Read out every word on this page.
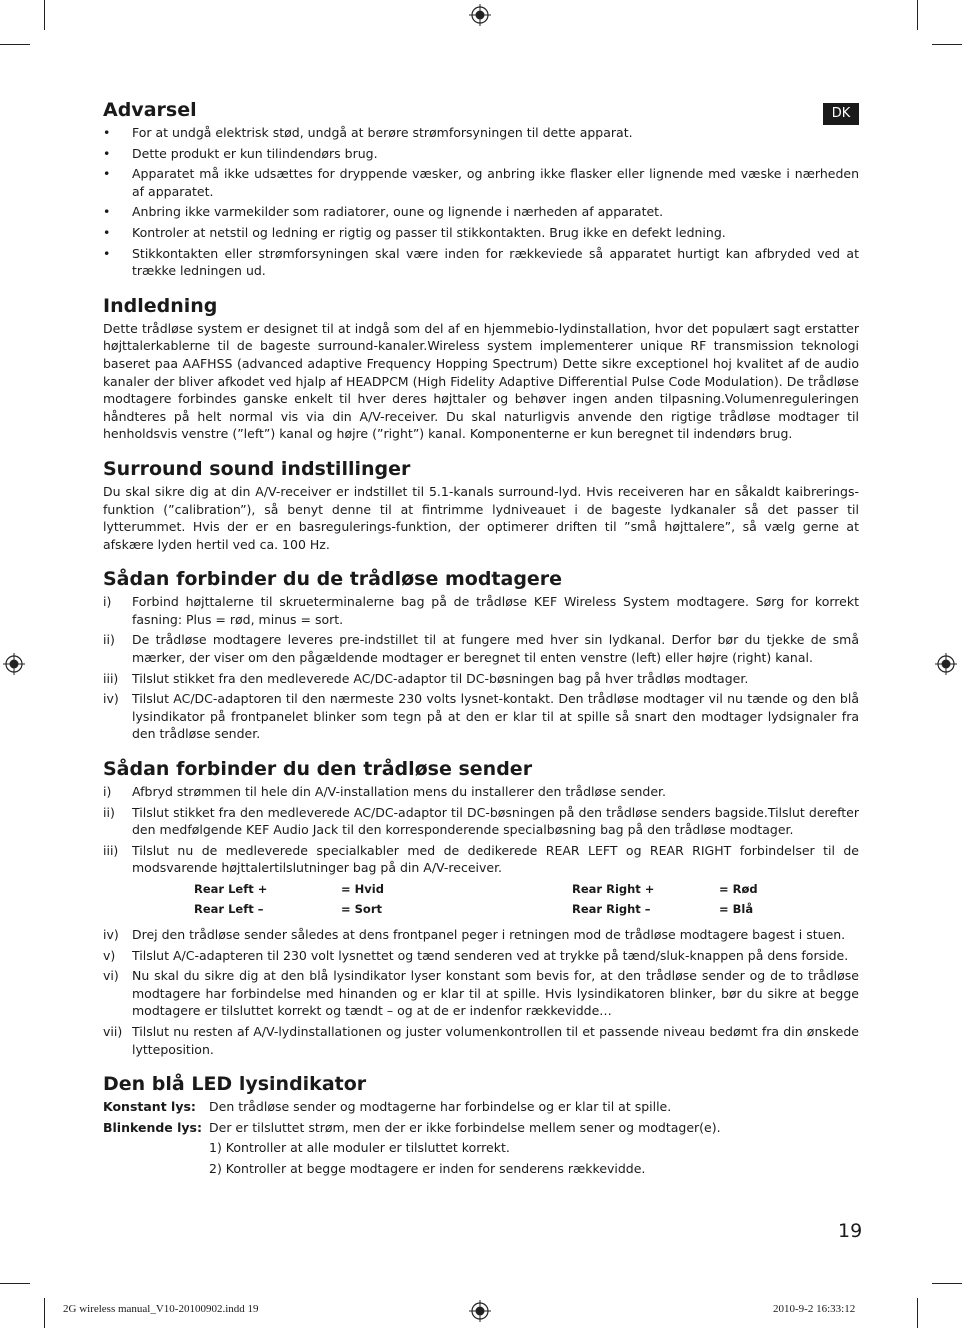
DK
Advarsel
• For at undgå elektrisk stød, undgå at berøre strømforsyningen til dette apparat.
• Dette produkt er kun tilindendørs brug.
• Apparatet må ikke udsættes for dryppende væsker, og anbring ikke flasker eller lignende med væske i nærheden af apparatet.
• Anbring ikke varmekilder som radiatorer, oune og lignende i nærheden af apparatet.
• Kontroler at netstil og ledning er rigtig og passer til stikkontakten. Brug ikke en defekt ledning.
• Stikkontakten eller strømforsyningen skal være inden for rækkeviede så apparatet hurtigt kan afbryded ved at trække ledningen ud.
Indledning

Dette trådløse system er designet til at indgå som del af en hjemmebio-lydinstallation, hvor det populært sagt erstatter højttalerkablerne til de bageste surround-kanaler.Wireless system implementerer unique RF transmission teknologi baseret paa AAFHSS (advanced adaptive Frequency Hopping Spectrum) Dette sikre exceptionel hoj kvalitet af de audio kanaler der bliver afkodet ved hjalp af HEADPCM (High Fidelity Adaptive Differential Pulse Code Modulation). De trådløse modtagere forbindes ganske enkelt til hver deres højttaler og behøver ingen anden tilpasning.Volumenreguleringen håndteres på helt normal vis via din A/V-receiver. Du skal naturligvis anvende den rigtige trådløse modtager til henholdsvis venstre (”left”) kanal og højre (”right”) kanal. Komponenterne er kun beregnet til indendørs brug.

Surround sound indstillinger

Du skal sikre dig at din A/V-receiver er indstillet til 5.1-kanals surround-lyd. Hvis receiveren har en såkaldt kaibrerings-funktion (”calibration”), så benyt denne til at fintrimme lydniveauet i de bageste lydkanaler så det passer til lytterummet. Hvis der er en basregulerings-funktion, der optimerer driften til ”små højttalere”, så vælg gerne at afskære lyden hertil ved ca. 100 Hz.

Sådan forbinder du de trådløse modtagere
i) Forbind højttalerne til skrueterminalerne bag på de trådløse KEF Wireless System modtagere. Sørg for korrekt fasning: Plus = rød, minus = sort.
ii) De trådløse modtagere leveres pre-indstillet til at fungere med hver sin lydkanal. Derfor bør du tjekke de små mærker, der viser om den pågældende modtager er beregnet til enten venstre (left) eller højre (right) kanal.
iii) Tilslut stikket fra den medleverede AC/DC-adaptor til DC-bøsningen bag på hver trådløs modtager.
iv) Tilslut AC/DC-adaptoren til den nærmeste 230 volts lysnet-kontakt. Den trådløse modtager vil nu tænde og den blå lysindikator på frontpanelet blinker som tegn på at den er klar til at spille så snart den modtager lydsignaler fra den trådløse sender.
Sådan forbinder du den trådløse sender
i) Afbryd strømmen til hele din A/V-installation mens du installerer den trådløse sender.
ii) Tilslut stikket fra den medleverede AC/DC-adaptor til DC-bøsningen på den trådløse senders bagside.Tilslut derefter den medfølgende KEF Audio Jack til den korresponderende specialbøsning bag på den trådløse modtager.
iii) Tilslut nu de medleverede specialkabler med de dedikerede REAR LEFT og REAR RIGHT forbindelser til de modsvarende højttalertilslutninger bag på din A/V-receiver.
Rear Left +	= Hvid	Rear Right +	= Rød
Rear Left –	= Sort	Rear Right –	= Blå
iv) Drej den trådløse sender således at dens frontpanel peger i retningen mod de trådløse modtagere bagest i stuen.
v) Tilslut A/C-adapteren til 230 volt lysnettet og tænd senderen ved at trykke på tænd/sluk-knappen på dens forside.
vi) Nu skal du sikre dig at den blå lysindikator lyser konstant som bevis for, at den trådløse sender og de to trådløse modtagere har forbindelse med hinanden og er klar til at spille. Hvis lysindikatoren blinker, bør du sikre at begge modtagere er tilsluttet korrekt og tændt – og at de er indenfor rækkevidde…
vii) Tilslut nu resten af A/V-lydinstallationen og juster volumenkontrollen til et passende niveau bedømt fra din ønskede lytteposition.
Den blå LED lysindikator
Konstant lys:	Den trådløse sender og modtagerne har forbindelse og er klar til at spille.
Blinkende lys: Der er tilsluttet strøm, men der er ikke forbindelse mellem sener og modtager(e).
1) Kontroller at alle moduler er tilsluttet korrekt.
2) Kontroller at begge modtagere er inden for senderens rækkevidde.
19
2G wireless manual_V10-20100902.indd 19	2010-9-2 16:33:12
